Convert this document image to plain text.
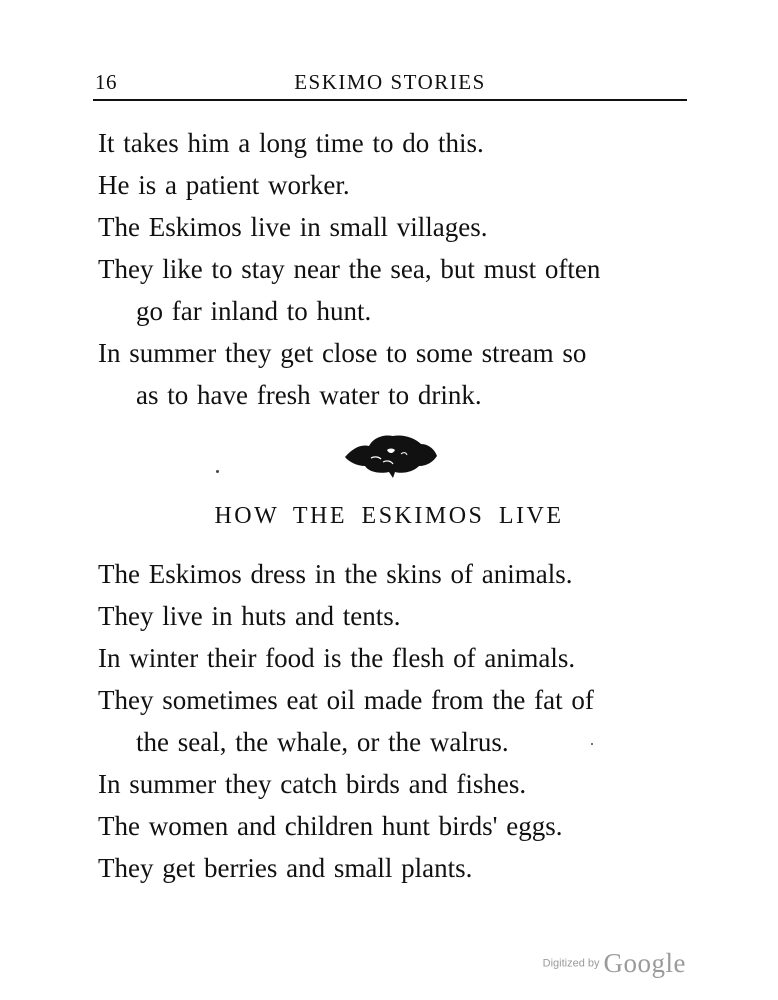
16	ESKIMO STORIES

It takes him a long time to do this.

He is a patient worker.

The Eskimos live in small villages.

They like to stay near the sea, but must often
go far inland to hunt.

In summer they get close to some stream so
as to have fresh water to drink.

HOW THE ESKIMOS LIVE

The Eskimos dress in the skins of animals.

They live in huts and tents.

In winter their food is the flesh of animals.

They sometimes eat oil made from the fat of
the seal, the whale, or the walrus.

In summer they catch birds and fishes.

The women and children hunt birds' eggs.

They get berries and small plants.

Digitized by Google
